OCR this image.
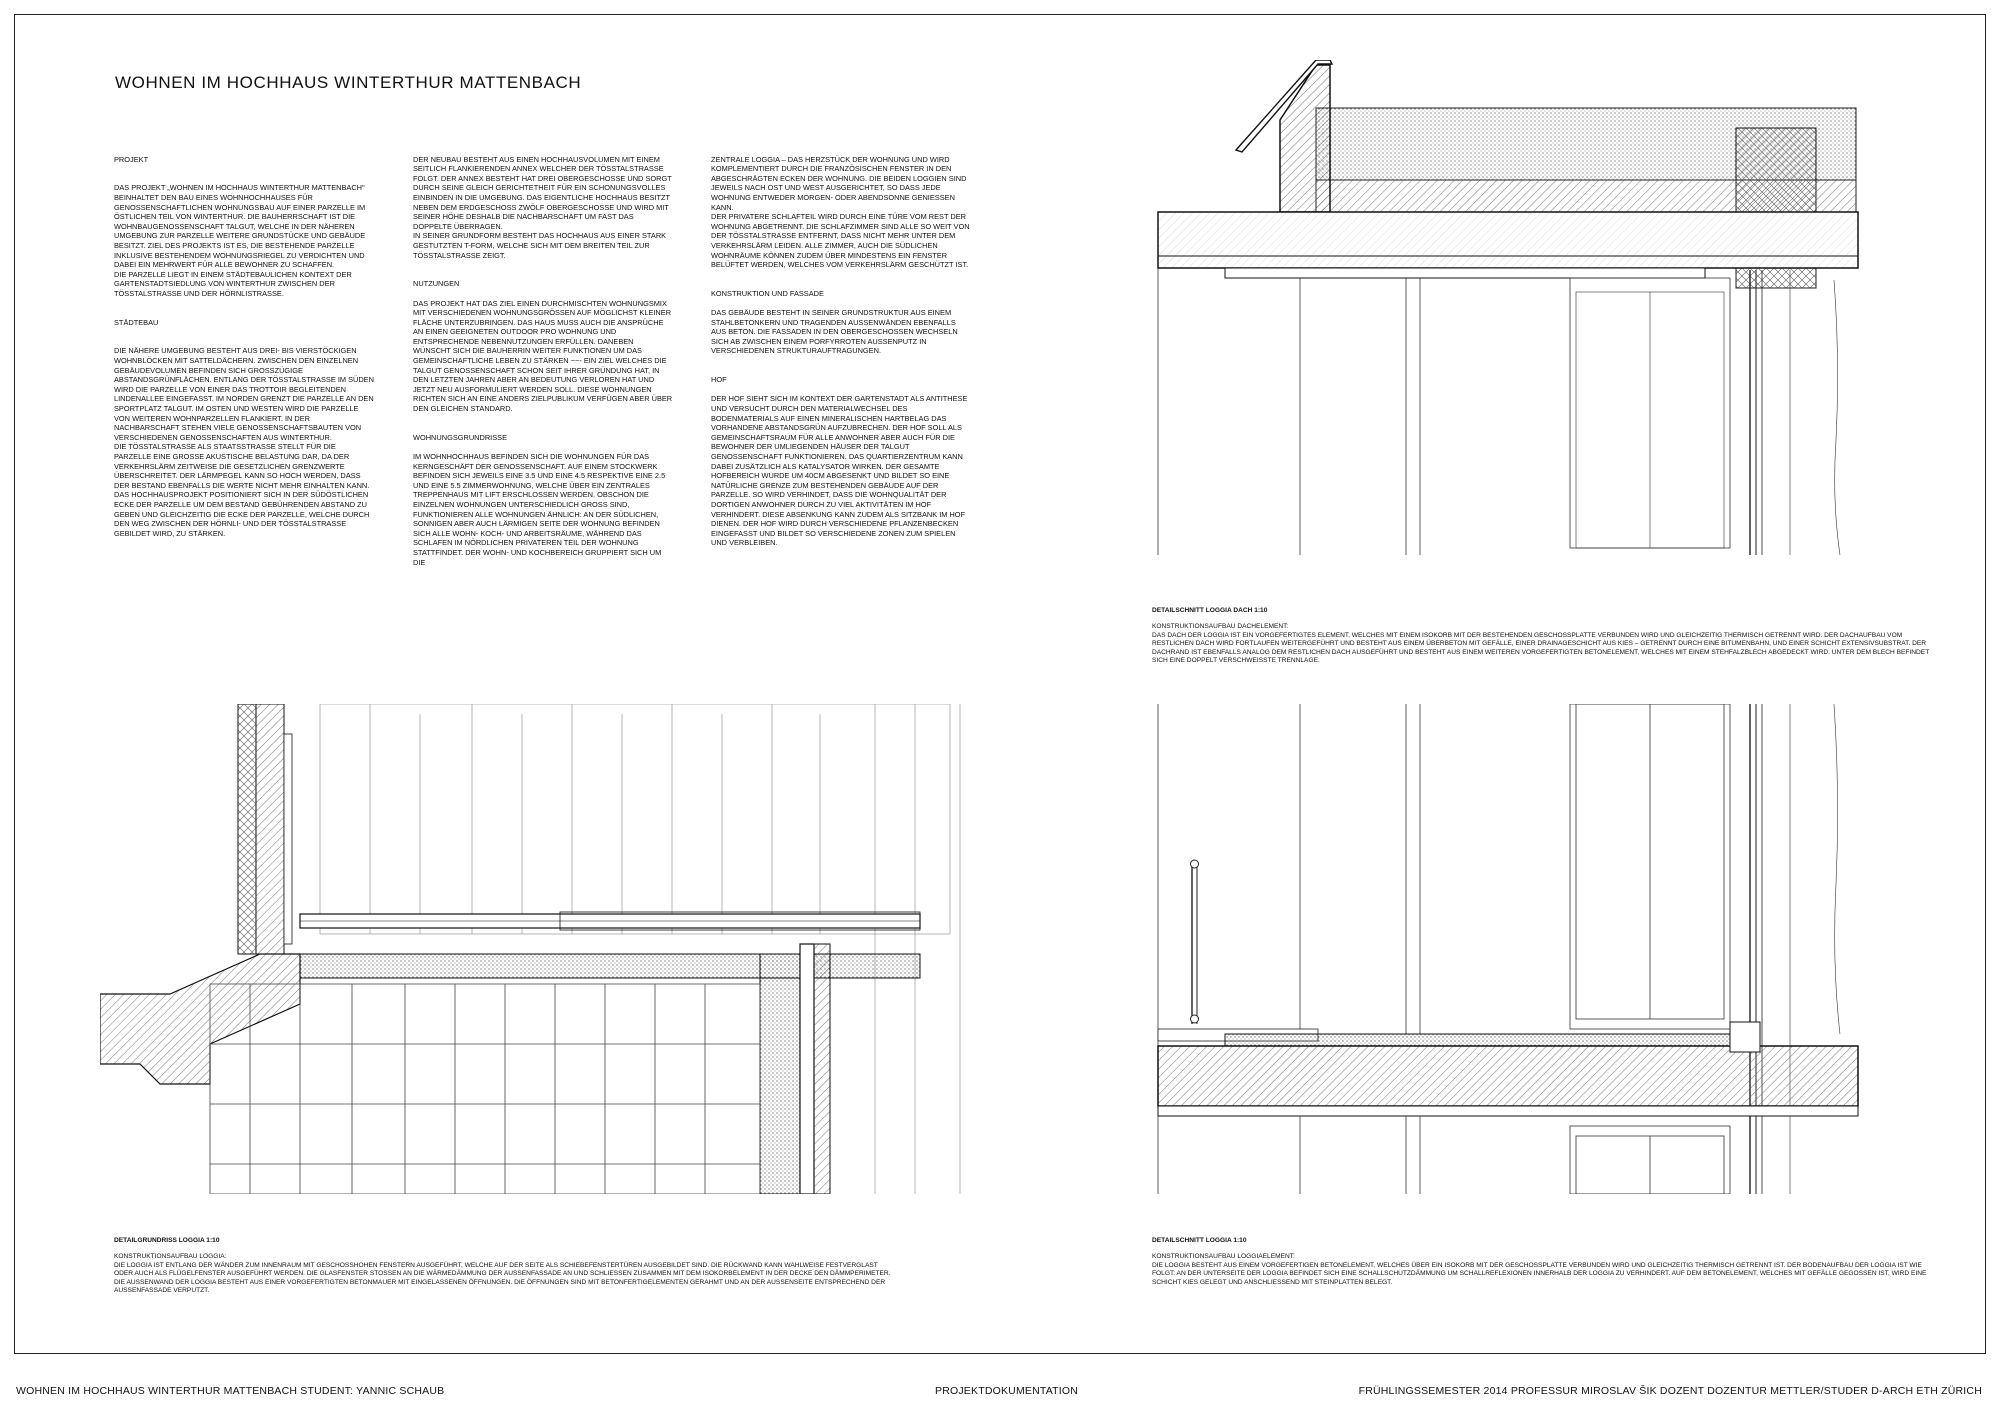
WOHNEN IM HOCHHAUS WINTERTHUR MATTENBACH

PROJEKT

DAS PROJEKT „WOHNEN IM HOCHHAUS WINTERTHUR MATTENBACH" BEINHALTET DEN BAU EINES WOHNHOCHHAUSES FÜR GENOSSENSCHAFTLICHEN WOHNUNGSBAU AUF EINER PARZELLE IM ÖSTLICHEN TEIL VON WINTERTHUR. DIE BAUHERRSCHAFT IST DIE WOHNBAUGENOSSENSCHAFT TALGUT, WELCHE IN DER NÄHEREN UMGEBUNG ZUR PARZELLE WEITERE GRUNDSTÜCKE UND GEBÄUDE BESITZT. ZIEL DES PROJEKTS IST ES, DIE BESTEHENDE PARZELLE INKLUSIVE BESTEHENDEM WOHNUNGSRIEGEL ZU VERDICHTEN UND DABEI EIN MEHRWERT FÜR ALLE BEWOHNER ZU SCHAFFEN.
DIE PARZELLE LIEGT IN EINEM STÄDTEBAULICHEN KONTEXT DER GARTENSTADTSIEDLUNG VON WINTERTHUR ZWISCHEN DER TÖSSTALSTRASSE UND DER HÖRNLISTRASSE.

STÄDTEBAU

DIE NÄHERE UMGEBUNG BESTEHT AUS DREI- BIS VIERSTÖCKIGEN WOHNBLÖCKEN MIT SATTELDÄCHERN. ZWISCHEN DEN EINZELNEN GEBÄUDEVOLUMEN BEFINDEN SICH GROSSZÜGIGE ABSTANDSGRÜNFLÄCHEN. ENTLANG DER TÖSSTALSTRASSE IM SÜDEN WIRD DIE PARZELLE VON EINER DAS TROTTOIR BEGLEITENDEN LINDENALLEE EINGEFASST. IM NORDEN GRENZT DIE PARZELLE AN DEN SPORTPLATZ TALGUT. IM OSTEN UND WESTEN WIRD DIE PARZELLE VON WEITEREN WOHNPARZELLEN FLANKIERT. IN DER NACHBARSCHAFT STEHEN VIELE GENOSSENSCHAFTSBAUTEN VON VERSCHIEDENEN GENOSSENSCHAFTEN AUS WINTERTHUR.
DIE TÖSSTALSTRASSE ALS STAATSSTRASSE STELLT FÜR DIE PARZELLE EINE GROSSE AKUSTISCHE BELASTUNG DAR, DA DER VERKEHRSLÄRM ZEITWEISE DIE GESETZLICHEN GRENZWERTE ÜBERSCHREITET. DER LÄRMPEGEL KANN SO HOCH WERDEN, DASS DER BESTAND EBENFALLS DIE WERTE NICHT MEHR EINHALTEN KANN.
DAS HOCHHAUSPROJEKT POSITIONIERT SICH IN DER SÜDÖSTLICHEN ECKE DER PARZELLE UM DEM BESTAND GEBÜHRENDEN ABSTAND ZU GEBEN UND GLEICHZEITIG DIE ECKE DER PARZELLE, WELCHE DURCH DEN WEG ZWISCHEN DER HÖRNLI- UND DER TÖSSTALSTRASSE GEBILDET WIRD, ZU STÄRKEN.

DER NEUBAU BESTEHT AUS EINEN HOCHHAUSVOLUMEN MIT EINEM SEITLICH FLANKIERENDEN ANNEX WELCHER DER TÖSSTALSTRASSE FOLGT. DER ANNEX BESTEHT HAT DREI OBERGESCHOSSE UND SORGT DURCH SEINE GLEICH GERICHTETHEIT FÜR EIN SCHONUNGSVOLLES EINBINDEN IN DIE UMGEBUNG. DAS EIGENTLICHE HOCHHAUS BESITZT NEBEN DEM ERDGESCHOSS ZWÖLF OBERGESCHOSSE UND WIRD MIT SEINER HÖHE DESHALB DIE NACHBARSCHAFT UM FAST DAS DOPPELTE ÜBERRAGEN.
IN SEINER GRUNDFORM BESTEHT DAS HOCHHAUS AUS EINER STARK GESTUTZTEN T-FORM, WELCHE SICH MIT DEM BREITEN TEIL ZUR TÖSSTALSTRASSE ZEIGT.

NUTZUNGEN

DAS PROJEKT HAT DAS ZIEL EINEN DURCHMISCHTEN WOHNUNGSMIX MIT VERSCHIEDENEN WOHNUNGSGRÖSSEN AUF MÖGLICHST KLEINER FLÄCHE UNTERZUBRINGEN. DAS HAUS MUSS AUCH DIE ANSPRÜCHE AN EINEN GEEIGNETEN OUTDOOR PRO WOHNUNG UND ENTSPRECHENDE NEBENNUTZUNGEN ERFÜLLEN. DANEBEN WÜNSCHT SICH DIE BAUHERRIN WEITER FUNKTIONEN UM DAS GEMEINSCHAFTLICHE LEBEN ZU STÄRKEN ~~- EIN ZIEL WELCHES DIE TALGUT GENOSSENSCHAFT SCHON SEIT IHRER GRÜNDUNG HAT, IN DEN LETZTEN JAHREN ABER AN BEDEUTUNG VERLOREN HAT UND JETZT NEU AUSFORMULIERT WERDEN SOLL. DIESE WOHNUNGEN RICHTEN SICH AN EINE ANDERS ZIELPUBLIKUM VERFÜGEN ABER ÜBER DEN GLEICHEN STANDARD.

WOHNUNGSGRUNDRISSE

IM WOHNHOCHHAUS BEFINDEN SICH DIE WOHNUNGEN FÜR DAS KERNGESCHÄFT DER GENOSSENSCHAFT. AUF EINEM STOCKWERK BEFINDEN SICH JEWEILS EINE 3.5 UND EINE 4.5 RESPEKTIVE EINE 2.5 UND EINE 5.5 ZIMMERWOHNUNG, WELCHE ÜBER EIN ZENTRALES TREPPENHAUS MIT LIFT ERSCHLOSSEN WERDEN. OBSCHON DIE EINZELNEN WOHNUNGEN UNTERSCHIEDLICH GROSS SIND, FUNKTIONIEREN ALLE WOHNUNGEN ÄHNLICH: AN DER SÜDLICHEN, SONNIGEN ABER AUCH LÄRMIGEN SEITE DER WOHNUNG BEFINDEN SICH ALLE WOHN- KOCH- UND ARBEITSRÄUME, WÄHREND DAS SCHLAFEN IM NÖRDLICHEN PRIVATEREN TEIL DER WOHNUNG STATTFINDET. DER WOHN- UND KOCHBEREICH GRUPPIERT SICH UM DIE

ZENTRALE LOGGIA – DAS HERZSTÜCK DER WOHNUNG UND WIRD KOMPLEMENTIERT DURCH DIE FRANZÖSISCHEN FENSTER IN DEN ABGESCHRÄGTEN ECKEN DER WOHNUNG. DIE BEIDEN LOGGIEN SIND JEWEILS NACH OST UND WEST AUSGERICHTET, SO DASS JEDE WOHNUNG ENTWEDER MORGEN- ODER ABENDSONNE GENIESSEN KANN.
DER PRIVATERE SCHLAFTEIL WIRD DURCH EINE TÜRE VOM REST DER WOHNUNG ABGETRENNT. DIE SCHLAFZIMMER SIND ALLE SO WEIT VON DER TÖSSTALSTRASSE ENTFERNT, DASS NICHT MEHR UNTER DEM VERKEHRSLÄRM LEIDEN. ALLE ZIMMER, AUCH DIE SÜDLICHEN WOHNRÄUME KÖNNEN ZUDEM ÜBER MINDESTENS EIN FENSTER BELÜFTET WERDEN, WELCHES VOM VERKEHRSLÄRM GESCHÜTZT IST.

KONSTRUKTION UND FASSADE

DAS GEBÄUDE BESTEHT IN SEINER GRUNDSTRUKTUR AUS EINEM STAHLBETONKERN UND TRAGENDEN AUSSENWÄNDEN EBENFALLS AUS BETON. DIE FASSADEN IN DEN OBERGESCHOSSEN WECHSELN SICH AB ZWISCHEN EINEM PORFYRROTEN AUSSENPUTZ IN VERSCHIEDENEN STRUKTURAUFTRAGUNGEN.

HOF

DER HOF SIEHT SICH IM KONTEXT DER GARTENSTADT ALS ANTITHESE UND VERSUCHT DURCH DEN MATERIALWECHSEL DES BODENMATERIALS AUF EINEN MINERALISCHEN HARTBELAG DAS VORHANDENE ABSTANDSGRÜN AUFZUBRECHEN. DER HOF SOLL ALS GEMEINSCHAFTSRAUM FÜR ALLE ANWOHNER ABER AUCH FÜR DIE BEWOHNER DER UMLIEGENDEN HÄUSER DER TALGUT GENOSSENSCHAFT FUNKTIONIEREN. DAS QUARTIERZENTRUM KANN DABEI ZUSÄTZLICH ALS KATALYSATOR WIRKEN. DER GESAMTE HOFBEREICH WURDE UM 40CM ABGESENKT UND BILDET SO EINE NATÜRLICHE GRENZE ZUM BESTEHENDEN GEBÄUDE AUF DER PARZELLE. SO WIRD VERHINDET, DASS DIE WOHNQUALITÄT DER DORTIGEN ANWOHNER DURCH ZU VIEL AKTIVITÄTEN IM HOF VERHINDERT. DIESE ABSENKUNG KANN ZUDEM ALS SITZBANK IM HOF DIENEN. DER HOF WIRD DURCH VERSCHIEDENE PFLANZENBECKEN EINGEFASST UND BILDET SO VERSCHIEDENE ZONEN ZUM SPIELEN UND VERBLEIBEN.

DETAILSCHNITT LOGGIA DACH 1:10
KONSTRUKTIONSAUFBAU DACHELEMENT:
DAS DACH DER LOGGIA IST EIN VORGEFERTIGTES ELEMENT, WELCHES MIT EINEM ISOKORB MIT DER BESTEHENDEN GESCHOSSPLATTE VERBUNDEN WIRD UND GLEICHZEITIG THERMISCH GETRENNT WIRD. DER DACHAUFBAU VOM RESTLICHEN DACH WIRD FORTLAUFEN WEITERGEFÜHRT UND BESTEHT AUS EINEM ÜBERBETON MIT GEFÄLLE, EINER DRAINAGESCHICHT AUS KIES – GETRENNT DURCH EINE BITUMENBAHN, UND EINER SCHICHT EXTENSIVSUBSTRAT. DER DACHRAND IST EBENFALLS ANALOG DEM RESTLICHEN DACH AUSGEFÜHRT UND BESTEHT AUS EINEM WEITEREN VORGEFERTIGTEN BETONELEMENT, WELCHES MIT EINEM STEHFALZBLECH ABGEDECKT WIRD. UNTER DEM BLECH BEFINDET SICH EINE DOPPELT VERSCHWEISSTE TRENNLAGE.
DETAILGRUNDRISS LOGGIA 1:10
KONSTRUKTIONSAUFBAU LOGGIA:
DIE LOGGIA IST ENTLANG DER WÄNDER ZUM INNENRAUM MIT GESCHOSSHOHEN FENSTERN AUSGEFÜHRT, WELCHE AUF DER SEITE ALS SCHIEBEFENSTERTÜREN AUSGEBILDET SIND. DIE RÜCKWAND KANN WAHLWEISE FESTVERGLAST ODER AUCH ALS FLÜGELFENSTER AUSGEFÜHRT WERDEN. DIE GLASFENSTER STOSSEN AN DIE WÄRMEDÄMMUNG DER AUSSENFASSADE AN UND SCHLIESSEN ZUSAMMEN MIT DEM ISOKORBELEMENT IN DER DECKE DEN DÄMMPERIMETER. DIE AUSSENWAND DER LOGGIA BESTEHT AUS EINER VORGEFERTIGTEN BETONMAUER MIT EINGELASSENEN ÖFFNUNGEN. DIE ÖFFNUNGEN SIND MIT BETONFERTIGELEMENTEN GERAHMT UND AN DER AUSSENSEITE ENTSPRECHEND DER AUSSENFASSADE VERPUTZT.
DETAILSCHNITT LOGGIA 1:10
KONSTRUKTIONSAUFBAU LOGGIAELEMENT:
DIE LOGGIA BESTEHT AUS EINEM VORGEFERTIGEN BETONELEMENT, WELCHES ÜBER EIN ISOKORB MIT DER GESCHOSSPLATTE VERBUNDEN WIRD UND GLEICHZEITIG THERMISCH GETRENNT IST. DER BODENAUFBAU DER LOGGIA IST WIE FOLGT: AN DER UNTERSEITE DER LOGGIA BEFINDET SICH EINE SCHALLSCHUTZDÄMMUNG UM SCHALLREFLEXIONEN INNERHALB DER LOGGIA ZU VERHINDERT. AUF DEM BETONELEMENT, WELCHES MIT GEFÄLLE GEGOSSEN IST, WIRD EINE SCHICHT KIES GELEGT UND ANSCHLIESSEND MIT STEINPLATTEN BELEGT.
WOHNEN IM HOCHHAUS WINTERTHUR MATTENBACH STUDENT: YANNIC SCHAUB	PROJEKTDOKUMENTATION	FRÜHLINGSSEMESTER 2014 PROFESSUR MIROSLAV ŠIK DOZENT DOZENTUR METTLER/STUDER D-ARCH ETH ZÜRICH
